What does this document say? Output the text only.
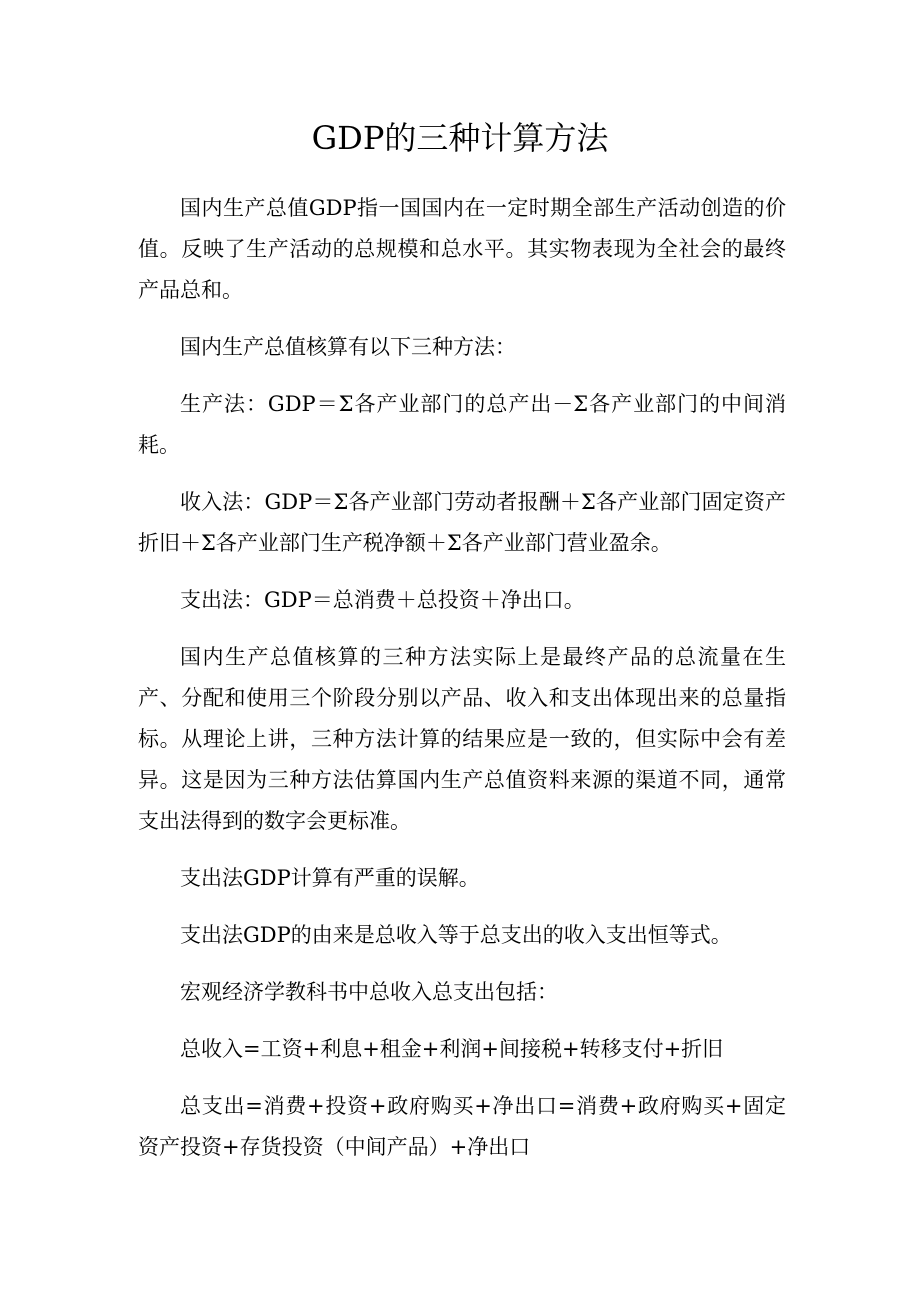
GDP的三种计算方法

国内生产总值GDP指一国国内在一定时期全部生产活动创造的价值。反映了生产活动的总规模和总水平。其实物表现为全社会的最终产品总和。

国内生产总值核算有以下三种方法：

生产法：GDP＝Σ各产业部门的总产出－Σ各产业部门的中间消耗。

收入法：GDP＝Σ各产业部门劳动者报酬＋Σ各产业部门固定资产折旧＋Σ各产业部门生产税净额＋Σ各产业部门营业盈余。

支出法：GDP＝总消费＋总投资＋净出口。

国内生产总值核算的三种方法实际上是最终产品的总流量在生产、分配和使用三个阶段分别以产品、收入和支出体现出来的总量指标。从理论上讲，三种方法计算的结果应是一致的，但实际中会有差异。这是因为三种方法估算国内生产总值资料来源的渠道不同，通常支出法得到的数字会更标准。

支出法GDP计算有严重的误解。

支出法GDP的由来是总收入等于总支出的收入支出恒等式。

宏观经济学教科书中总收入总支出包括：

总收入=工资+利息+租金+利润+间接税+转移支付+折旧

总支出=消费+投资+政府购买+净出口=消费+政府购买+固定资产投资+存货投资（中间产品）+净出口
